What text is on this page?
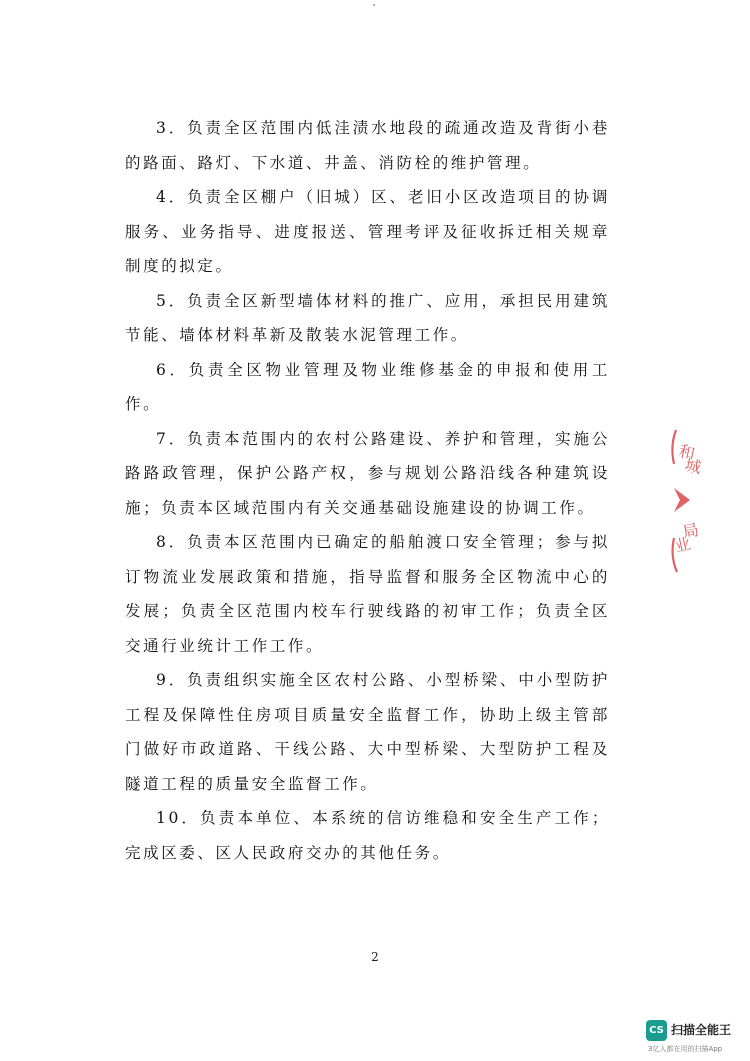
3．负责全区范围内低洼渍水地段的疏通改造及背街小巷的路面、路灯、下水道、井盖、消防栓的维护管理。

4．负责全区棚户（旧城）区、老旧小区改造项目的协调服务、业务指导、进度报送、管理考评及征收拆迁相关规章制度的拟定。

5．负责全区新型墙体材料的推广、应用，承担民用建筑节能、墙体材料革新及散装水泥管理工作。

6．负责全区物业管理及物业维修基金的申报和使用工作。

7．负责本范围内的农村公路建设、养护和管理，实施公路路政管理，保护公路产权，参与规划公路沿线各种建筑设施；负责本区域范围内有关交通基础设施建设的协调工作。

8．负责本区范围内已确定的船舶渡口安全管理；参与拟订物流业发展政策和措施，指导监督和服务全区物流中心的发展；负责全区范围内校车行驶线路的初审工作；负责全区交通行业统计工作工作。

9．负责组织实施全区农村公路、小型桥梁、中小型防护工程及保障性住房项目质量安全监督工作，协助上级主管部门做好市政道路、干线公路、大中型桥梁、大型防护工程及隧道工程的质量安全监督工作。

10．负责本单位、本系统的信访维稳和安全生产工作；完成区委、区人民政府交办的其他任务。

2
和
城
业
局
CS 扫描全能王
3亿人都在用的扫描App
